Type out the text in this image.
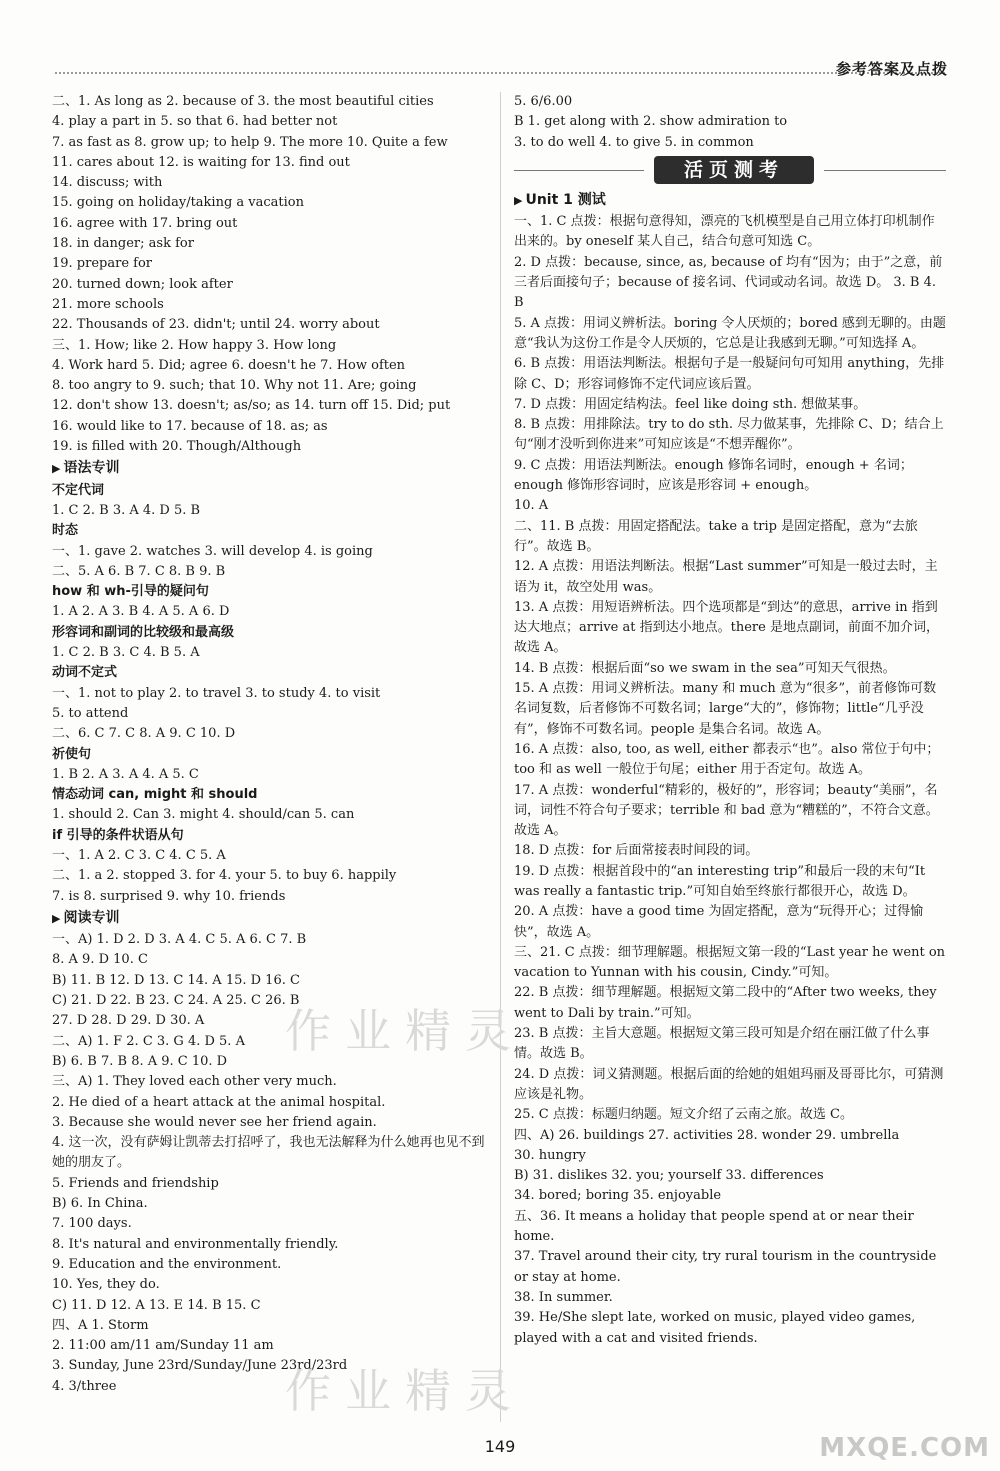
参考答案及点拨
二、1. As long as 2. because of 3. the most beautiful cities
4. play a part in 5. so that 6. had better not
7. as fast as 8. grow up; to help 9. The more 10. Quite a few
11. cares about 12. is waiting for 13. find out
14. discuss; with
15. going on holiday/taking a vacation
16. agree with 17. bring out
18. in danger; ask for
19. prepare for
20. turned down; look after
21. more schools
22. Thousands of 23. didn't; until 24. worry about
三、1. How; like 2. How happy 3. How long
4. Work hard 5. Did; agree 6. doesn't he 7. How often
8. too angry to 9. such; that 10. Why not 11. Are; going
12. don't show 13. doesn't; as/so; as 14. turn off 15. Did; put
16. would like to 17. because of 18. as; as
19. is filled with 20. Though/Although
▶ 语法专训
不定代词
1. C 2. B 3. A 4. D 5. B
时态
一、1. gave 2. watches 3. will develop 4. is going
二、5. A 6. B 7. C 8. B 9. B
how 和 wh-引导的疑问句
1. A 2. A 3. B 4. A 5. A 6. D
形容词和副词的比较级和最高级
1. C 2. B 3. C 4. B 5. A
动词不定式
一、1. not to play 2. to travel 3. to study 4. to visit
5. to attend
二、6. C 7. C 8. A 9. C 10. D
祈使句
1. B 2. A 3. A 4. A 5. C
情态动词 can, might 和 should
1. should 2. Can 3. might 4. should/can 5. can
if 引导的条件状语从句
一、1. A 2. C 3. C 4. C 5. A
二、1. a 2. stopped 3. for 4. your 5. to buy 6. happily
7. is 8. surprised 9. why 10. friends
▶ 阅读专训
一、A) 1. D 2. D 3. A 4. C 5. A 6. C 7. B
8. A 9. D 10. C
B) 11. B 12. D 13. C 14. A 15. D 16. C
C) 21. D 22. B 23. C 24. A 25. C 26. B
27. D 28. D 29. D 30. A
二、A) 1. F 2. C 3. G 4. D 5. A
B) 6. B 7. B 8. A 9. C 10. D
三、A) 1. They loved each other very much.
2. He died of a heart attack at the animal hospital.
3. Because she would never see her friend again.
4. 这一次，没有萨姆让凯蒂去打招呼了，我也无法解释为什么她再也见不到她的朋友了。
5. Friends and friendship
B) 6. In China.
7. 100 days.
8. It's natural and environmentally friendly.
9. Education and the environment.
10. Yes, they do.
C) 11. D 12. A 13. E 14. B 15. C
四、A 1. Storm
2. 11:00 am/11 am/Sunday 11 am
3. Sunday, June 23rd/Sunday/June 23rd/23rd
4. 3/three
5. 6/6.00
B 1. get along with 2. show admiration to
3. to do well 4. to give 5. in common
活页测考
▶ Unit 1 测试
一、1. C 点拨：根据句意得知，漂亮的飞机模型是自己用立体打印机制作出来的。by oneself 某人自己，结合句意可知选 C。
2. D 点拨：because, since, as, because of 均有“因为；由于”之意，前三者后面接句子；because of 接名词、代词或动名词。故选 D。 3. B 4. B
5. A 点拨：用词义辨析法。boring 令人厌烦的；bored 感到无聊的。由题意“我认为这份工作是令人厌烦的，它总是让我感到无聊。”可知选择 A。
6. B 点拨：用语法判断法。根据句子是一般疑问句可知用 anything，先排除 C、D；形容词修饰不定代词应该后置。
7. D 点拨：用固定结构法。feel like doing sth. 想做某事。
8. B 点拨：用排除法。try to do sth. 尽力做某事，先排除 C、D；结合上句“刚才没听到你进来”可知应该是“不想弄醒你”。
9. C 点拨：用语法判断法。enough 修饰名词时，enough + 名词；enough 修饰形容词时，应该是形容词 + enough。
10. A
二、11. B 点拨：用固定搭配法。take a trip 是固定搭配，意为“去旅行”。故选 B。
12. A 点拨：用语法判断法。根据“Last summer”可知是一般过去时，主语为 it，故空处用 was。
13. A 点拨：用短语辨析法。四个选项都是“到达”的意思，arrive in 指到达大地点；arrive at 指到达小地点。there 是地点副词，前面不加介词，故选 A。
14. B 点拨：根据后面“so we swam in the sea”可知天气很热。
15. A 点拨：用词义辨析法。many 和 much 意为“很多”，前者修饰可数名词复数，后者修饰不可数名词；large“大的”，修饰物；little“几乎没有”，修饰不可数名词。people 是集合名词。故选 A。
16. A 点拨：also, too, as well, either 都表示“也”。also 常位于句中；too 和 as well 一般位于句尾；either 用于否定句。故选 A。
17. A 点拨：wonderful“精彩的，极好的”，形容词；beauty“美丽”，名词，词性不符合句子要求；terrible 和 bad 意为“糟糕的”，不符合文意。故选 A。
18. D 点拨：for 后面常接表时间段的词。
19. D 点拨：根据首段中的“an interesting trip”和最后一段的末句“It was really a fantastic trip.”可知自始至终旅行都很开心，故选 D。
20. A 点拨：have a good time 为固定搭配，意为“玩得开心；过得愉快”，故选 A。
三、21. C 点拨：细节理解题。根据短文第一段的“Last year he went on vacation to Yunnan with his cousin, Cindy.”可知。
22. B 点拨：细节理解题。根据短文第二段中的“After two weeks, they went to Dali by train.”可知。
23. B 点拨：主旨大意题。根据短文第三段可知是介绍在丽江做了什么事情。故选 B。
24. D 点拨：词义猜测题。根据后面的给她的姐姐玛丽及哥哥比尔，可猜测应该是礼物。
25. C 点拨：标题归纳题。短文介绍了云南之旅。故选 C。
四、A) 26. buildings 27. activities 28. wonder 29. umbrella
30. hungry
B) 31. dislikes 32. you; yourself 33. differences
34. bored; boring 35. enjoyable
五、36. It means a holiday that people spend at or near their home.
37. Travel around their city, try rural tourism in the countryside or stay at home.
38. In summer.
39. He/She slept late, worked on music, played video games, played with a cat and visited friends.
作业精灵
作业精灵
MXQE.COM
149
